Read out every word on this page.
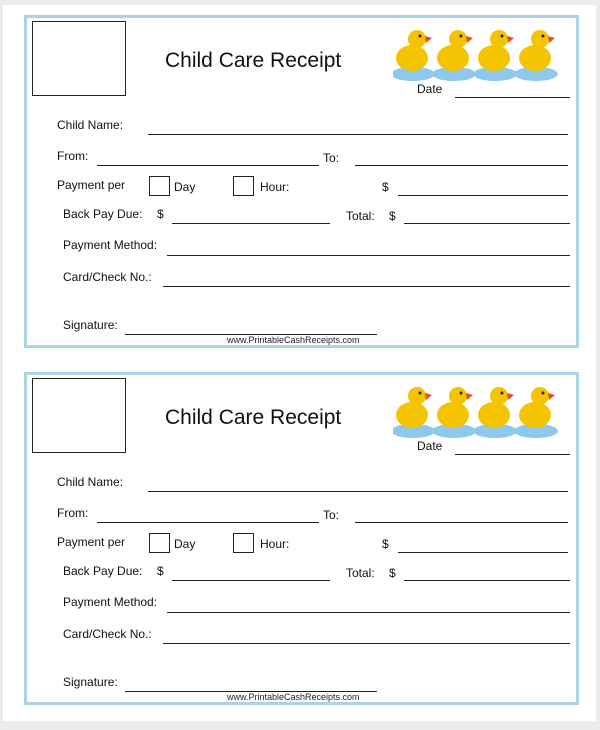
Child Care Receipt
Date
Child Name:
From:	To:
Payment per	Day	Hour:	$
Back Pay Due: $	Total: $
Payment Method:
Card/Check No.:
Signature:
www.PrintableCashReceipts.com
Child Care Receipt
Date
Child Name:
From:	To:
Payment per	Day	Hour:	$
Back Pay Due: $	Total: $
Payment Method:
Card/Check No.:
Signature:
www.PrintableCashReceipts.com
